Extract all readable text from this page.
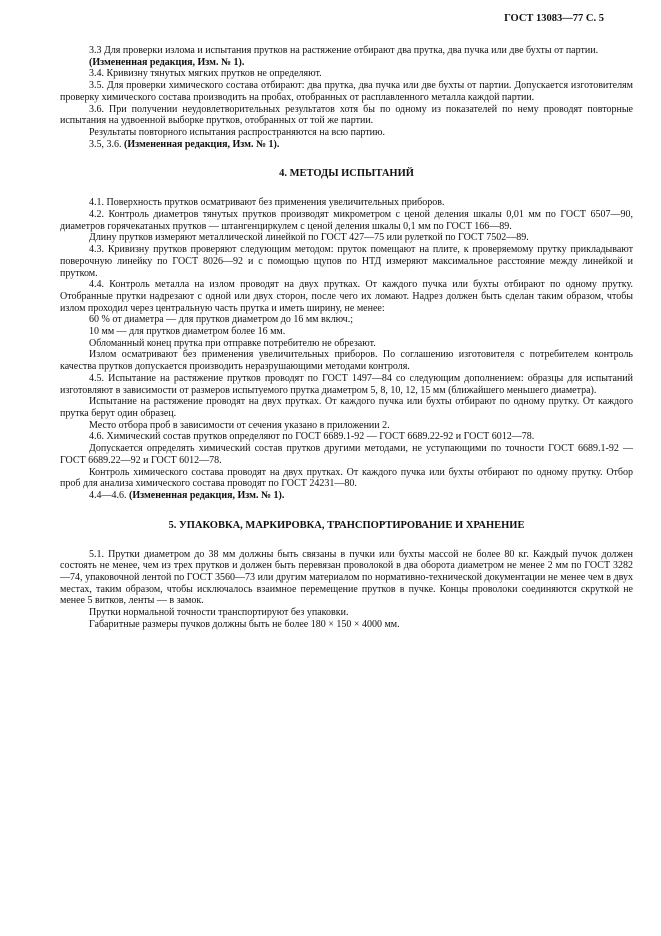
ГОСТ 13083—77 С. 5

3.3 Для проверки излома и испытания прутков на растяжение отбирают два прутка, два пучка или две бухты от партии.

(Измененная редакция, Изм. № 1).

3.4. Кривизну тянутых мягких прутков не определяют.

3.5. Для проверки химического состава отбирают: два прутка, два пучка или две бухты от партии. Допускается изготовителям проверку химического состава производить на пробах, отобранных от расплавленного металла каждой партии.

3.6. При получении неудовлетворительных результатов хотя бы по одному из показателей по нему проводят повторные испытания на удвоенной выборке прутков, отобранных от той же партии.

Результаты повторного испытания распространяются на всю партию.

3.5, 3.6. (Измененная редакция, Изм. № 1).

4. МЕТОДЫ ИСПЫТАНИЙ

4.1. Поверхность прутков осматривают без применения увеличительных приборов.

4.2. Контроль диаметров тянутых прутков производят микрометром с ценой деления шкалы 0,01 мм по ГОСТ 6507—90, диаметров горячекатаных прутков — штангенциркулем с ценой деления шкалы 0,1 мм по ГОСТ 166—89.

Длину прутков измеряют металлической линейкой по ГОСТ 427—75 или рулеткой по ГОСТ 7502—89.

4.3. Кривизну прутков проверяют следующим методом: пруток помещают на плите, к проверяемому прутку прикладывают поверочную линейку по ГОСТ 8026—92 и с помощью щупов по НТД измеряют максимальное расстояние между линейкой и прутком.

4.4. Контроль металла на излом проводят на двух прутках. От каждого пучка или бухты отбирают по одному прутку. Отобранные прутки надрезают с одной или двух сторон, после чего их ломают. Надрез должен быть сделан таким образом, чтобы излом проходил через центральную часть прутка и иметь ширину, не менее:

60 % от диаметра — для прутков диаметром до 16 мм включ.;

10 мм — для прутков диаметром более 16 мм.

Обломанный конец прутка при отправке потребителю не обрезают.

Излом осматривают без применения увеличительных приборов. По соглашению изготовителя с потребителем контроль качества прутков допускается производить неразрушающими методами контроля.

4.5. Испытание на растяжение прутков проводят по ГОСТ 1497—84 со следующим дополнением: образцы для испытаний изготовляют в зависимости от размеров испытуемого прутка диаметром 5, 8, 10, 12, 15 мм (ближайшего меньшего диаметра).

Испытание на растяжение проводят на двух прутках. От каждого пучка или бухты отбирают по одному прутку. От каждого прутка берут один образец.

Место отбора проб в зависимости от сечения указано в приложении 2.

4.6. Химический состав прутков определяют по ГОСТ 6689.1-92 — ГОСТ 6689.22-92 и ГОСТ 6012—78.

Допускается определять химический состав прутков другими методами, не уступающими по точности ГОСТ 6689.1-92 — ГОСТ 6689.22—92 и ГОСТ 6012—78.

Контроль химического состава проводят на двух прутках. От каждого пучка или бухты отбирают по одному прутку. Отбор проб для анализа химического состава проводят по ГОСТ 24231—80.

4.4—4.6. (Измененная редакция, Изм. № 1).

5. УПАКОВКА, МАРКИРОВКА, ТРАНСПОРТИРОВАНИЕ И ХРАНЕНИЕ

5.1. Прутки диаметром до 38 мм должны быть связаны в пучки или бухты массой не более 80 кг. Каждый пучок должен состоять не менее, чем из трех прутков и должен быть перевязан проволокой в два оборота диаметром не менее 2 мм по ГОСТ 3282—74, упаковочной лентой по ГОСТ 3560—73 или другим материалом по нормативно-технической документации не менее чем в двух местах, таким образом, чтобы исключалось взаимное перемещение прутков в пучке. Концы проволоки соединяются скруткой не менее 5 витков, ленты — в замок.

Прутки нормальной точности транспортируют без упаковки.

Габаритные размеры пучков должны быть не более 180 × 150 × 4000 мм.
